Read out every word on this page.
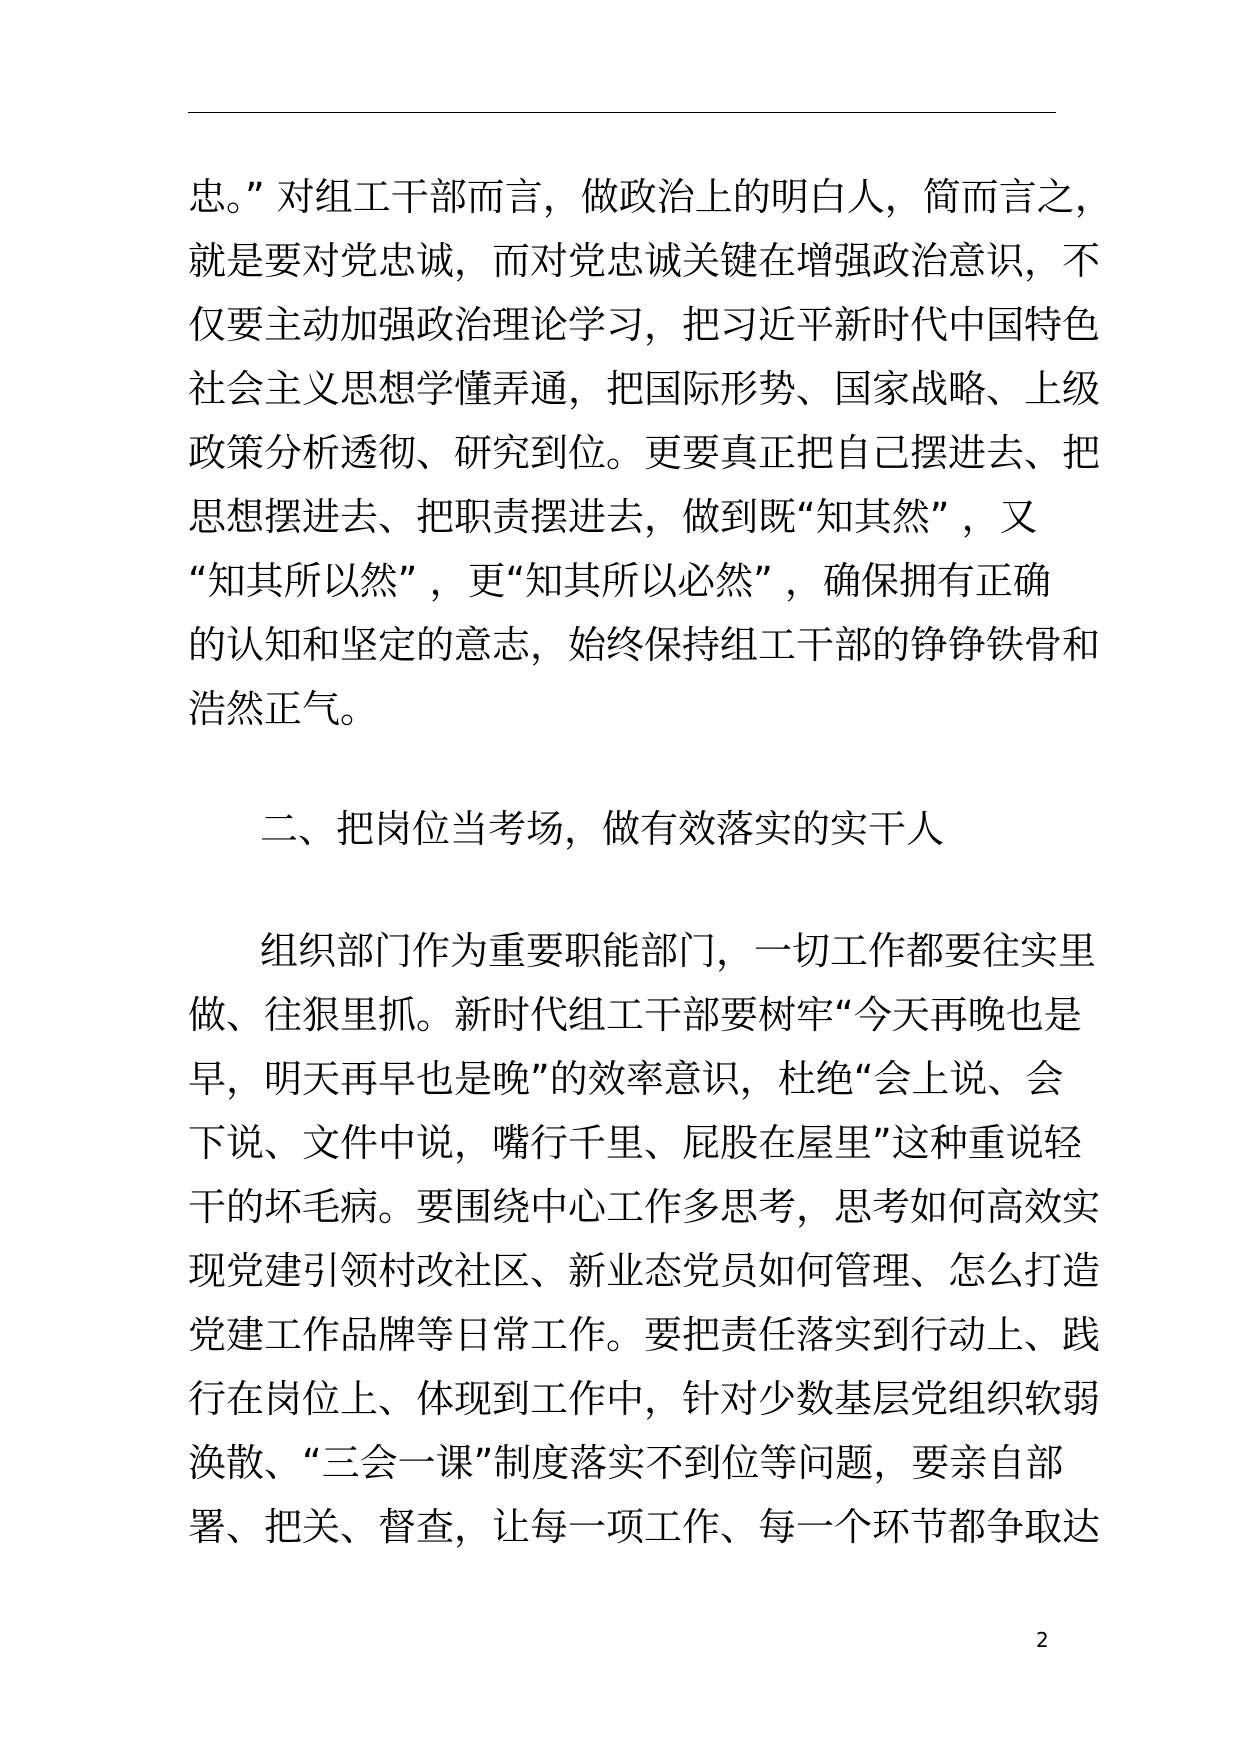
忠。” 对组工干部而言，做政治上的明白人，简而言之，
就是要对党忠诚，而对党忠诚关键在增强政治意识，不
仅要主动加强政治理论学习，把习近平新时代中国特色
社会主义思想学懂弄通，把国际形势、国家战略、上级
政策分析透彻、研究到位。更要真正把自己摆进去、把
思想摆进去、把职责摆进去，做到既“知其然” ，又
“知其所以然” ，更“知其所以必然” ，确保拥有正确
的认知和坚定的意志，始终保持组工干部的铮铮铁骨和
浩然正气。
二、把岗位当考场，做有效落实的实干人
组织部门作为重要职能部门，一切工作都要往实里
做、往狠里抓。新时代组工干部要树牢“今天再晚也是
早，明天再早也是晚”的效率意识，杜绝“会上说、会
下说、文件中说，嘴行千里、屁股在屋里”这种重说轻
干的坏毛病。要围绕中心工作多思考，思考如何高效实
现党建引领村改社区、新业态党员如何管理、怎么打造
党建工作品牌等日常工作。要把责任落实到行动上、践
行在岗位上、体现到工作中，针对少数基层党组织软弱
涣散、“三会一课”制度落实不到位等问题，要亲自部
署、把关、督查，让每一项工作、每一个环节都争取达
2
